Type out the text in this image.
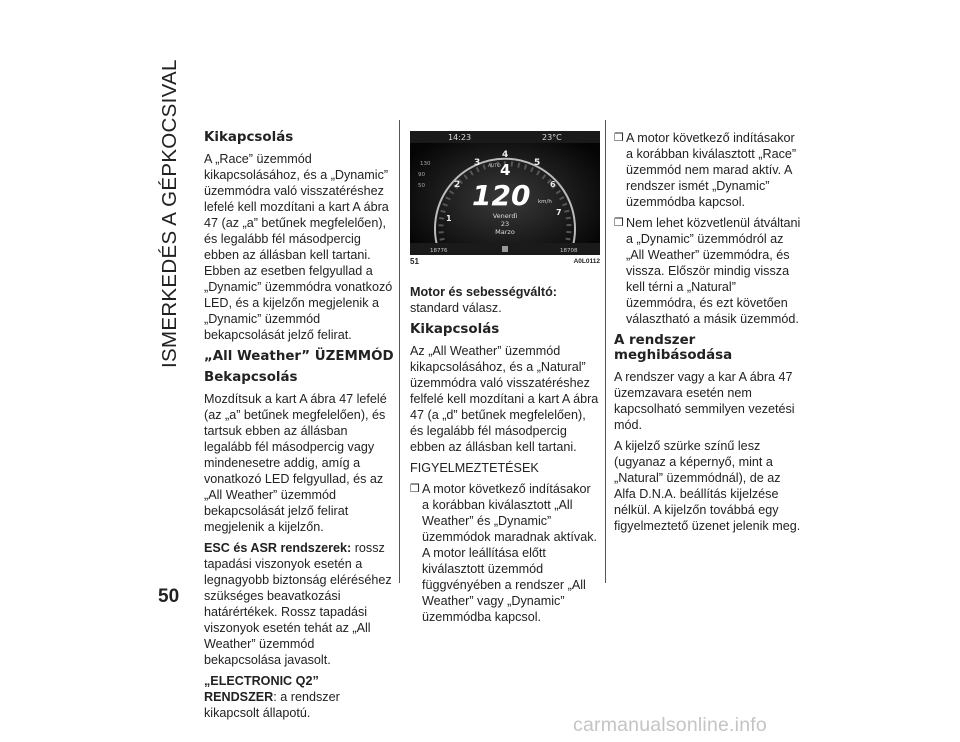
ISMERKEDÉS A GÉPKOCSIVAL
50
Kikapcsolás

A „Race” üzemmód kikapcsolásához, és a „Dynamic” üzemmódra való visszatéréshez lefelé kell mozdítani a kart A ábra 47 (az „a” betűnek megfelelően), és legalább fél másodpercig ebben az állásban kell tartani. Ebben az esetben felgyullad a „Dynamic” üzemmódra vonatkozó LED, és a kijelzőn megjelenik a „Dynamic” üzemmód bekapcsolását jelző felirat.

„All Weather” ÜZEMMÓD
Bekapcsolás

Mozdítsuk a kart A ábra 47 lefelé (az „a” betűnek megfelelően), és tartsuk ebben az állásban legalább fél másodpercig vagy mindenesetre addig, amíg a vonatkozó LED felgyullad, és az „All Weather” üzemmód bekapcsolását jelző felirat megjelenik a kijelzőn.

ESC és ASR rendszerek: rossz tapadási viszonyok esetén a legnagyobb biztonság eléréséhez szükséges beavatkozási határértékek. Rossz tapadási viszonyok esetén tehát az „All Weather” üzemmód bekapcsolása javasolt.

„ELECTRONIC Q2” RENDSZER: a rendszer kikapcsolt állapotú.

14:23	23°C
1
2
3
4
5
6
7
130
90
50
AUTO 4
120 km/h
Venerdì
23
Marzo
18776	18708
51	A0L0112

Motor és sebességváltó: standard válasz.

Kikapcsolás

Az „All Weather” üzemmód kikapcsolásához, és a „Natural” üzemmódra való visszatéréshez felfelé kell mozdítani a kart A ábra 47 (a „d” betűnek megfelelően), és legalább fél másodpercig ebben az állásban kell tartani.

FIGYELMEZTETÉSEK

❒ A motor következő indításakor a korábban kiválasztott „All Weather” és „Dynamic” üzemmódok maradnak aktívak. A motor leállítása előtt kiválasztott üzemmód függvényében a rendszer „All Weather” vagy „Dynamic” üzemmódba kapcsol.
❒ A motor következő indításakor a korábban kiválasztott „Race” üzemmód nem marad aktív. A rendszer ismét „Dynamic” üzemmódba kapcsol.
❒ Nem lehet közvetlenül átváltani a „Dynamic” üzemmódról az „All Weather” üzemmódra, és vissza. Először mindig vissza kell térni a „Natural” üzemmódra, és ezt követően választható a másik üzemmód.
A rendszer meghibásodása

A rendszer vagy a kar A ábra 47 üzemzavara esetén nem kapcsolható semmilyen vezetési mód.

A kijelző szürke színű lesz (ugyanaz a képernyő, mint a „Natural” üzemmódnál), de az Alfa D.N.A. beállítás kijelzése nélkül. A kijelzőn továbbá egy figyelmeztető üzenet jelenik meg.

carmanualsonline.info
